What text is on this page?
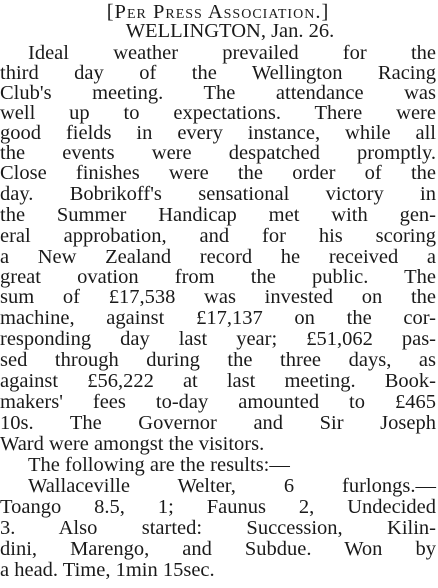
[Per Press Association.]
WELLINGTON, Jan. 26.
Ideal weather prevailed for the
third day of the Wellington Racing
Club's meeting. The attendance was
well up to expectations. There were
good fields in every instance, while all
the events were despatched promptly.
Close finishes were the order of the
day. Bobrikoff's sensational victory in
the Summer Handicap met with gen-
eral approbation, and for his scoring
a New Zealand record he received a
great ovation from the public. The
sum of £17,538 was invested on the
machine, against £17,137 on the cor-
responding day last year; £51,062 pas-
sed through during the three days, as
against £56,222 at last meeting. Book-
makers' fees to-day amounted to £465
10s. The Governor and Sir Joseph
Ward were amongst the visitors.
The following are the results:—
Wallaceville Welter, 6 furlongs.—
Toango 8.5, 1; Faunus 2, Undecided
3. Also started: Succession, Kilin-
dini, Marengo, and Subdue. Won by
a head. Time, 1min 15sec.
